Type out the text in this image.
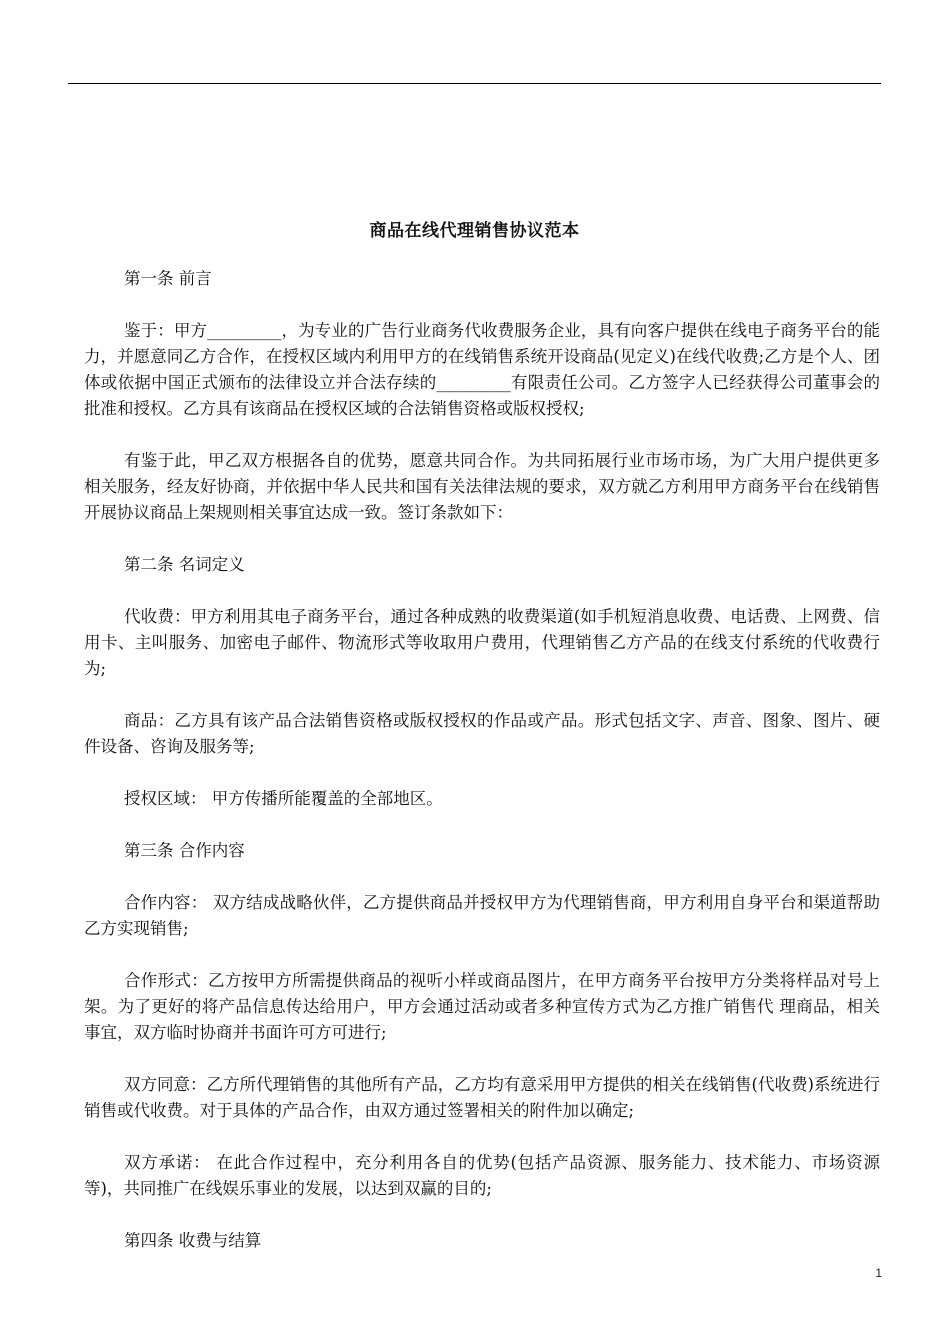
商品在线代理销售协议范本

第一条 前言

鉴于：甲方_________，为专业的广告行业商务代收费服务企业，具有向客户提供在线电子商务平台的能力，并愿意同乙方合作，在授权区域内利用甲方的在线销售系统开设商品(见定义)在线代收费;乙方是个人、团体或依据中国正式颁布的法律设立并合法存续的_________有限责任公司。乙方签字人已经获得公司董事会的批准和授权。乙方具有该商品在授权区域的合法销售资格或版权授权;

有鉴于此，甲乙双方根据各自的优势，愿意共同合作。为共同拓展行业市场市场，为广大用户提供更多相关服务，经友好协商，并依据中华人民共和国有关法律法规的要求，双方就乙方利用甲方商务平台在线销售开展协议商品上架规则相关事宜达成一致。签订条款如下：

第二条 名词定义

代收费：甲方利用其电子商务平台，通过各种成熟的收费渠道(如手机短消息收费、电话费、上网费、信用卡、主叫服务、加密电子邮件、物流形式等收取用户费用，代理销售乙方产品的在线支付系统的代收费行为;

商品：乙方具有该产品合法销售资格或版权授权的作品或产品。形式包括文字、声音、图象、图片、硬件设备、咨询及服务等;

授权区域： 甲方传播所能覆盖的全部地区。

第三条 合作内容

合作内容： 双方结成战略伙伴，乙方提供商品并授权甲方为代理销售商，甲方利用自身平台和渠道帮助 乙方实现销售;

合作形式：乙方按甲方所需提供商品的视听小样或商品图片，在甲方商务平台按甲方分类将样品对号上架。为了更好的将产品信息传达给用户，甲方会通过活动或者多种宣传方式为乙方推广销售代 理商品，相关事宜，双方临时协商并书面许可方可进行;

双方同意：乙方所代理销售的其他所有产品，乙方均有意采用甲方提供的相关在线销售(代收费)系统进行销售或代收费。对于具体的产品合作，由双方通过签署相关的附件加以确定;

双方承诺： 在此合作过程中，充分利用各自的优势(包括产品资源、服务能力、技术能力、市场资源等)，共同推广在线娱乐事业的发展，以达到双赢的目的;

第四条 收费与结算

1
